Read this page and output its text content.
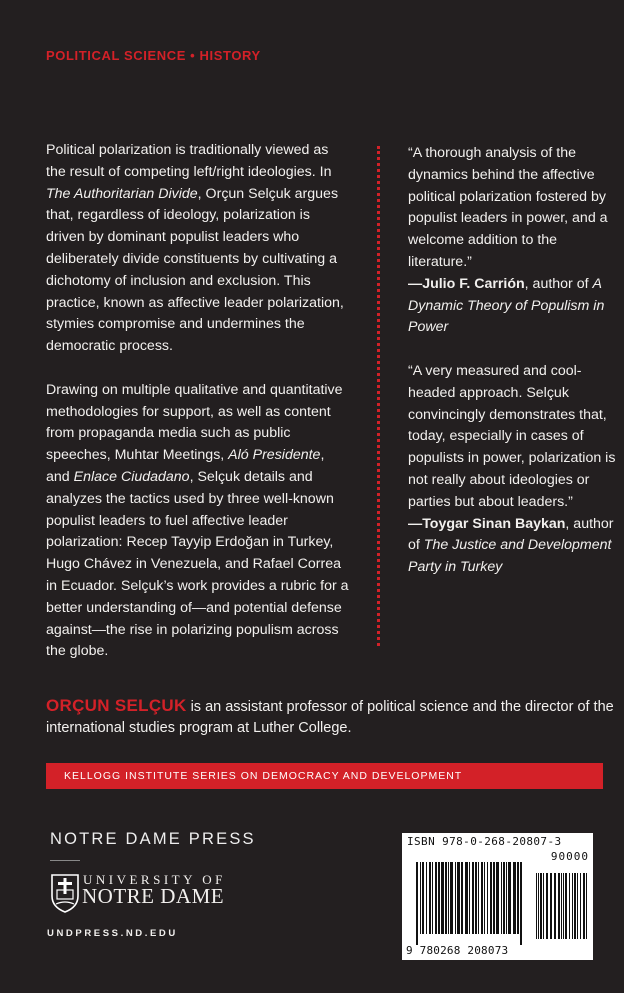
POLITICAL SCIENCE • HISTORY

Political polarization is traditionally viewed as the result of competing left/right ideologies. In The Authoritarian Divide, Orçun Selçuk argues that, regardless of ideology, polarization is driven by dominant populist leaders who deliberately divide constituents by cultivating a dichotomy of inclusion and exclusion. This practice, known as affective leader polarization, stymies compromise and undermines the democratic process.

Drawing on multiple qualitative and quantitative methodologies for support, as well as content from propaganda media such as public speeches, Muhtar Meetings, Aló Presidente, and Enlace Ciudadano, Selçuk details and analyzes the tactics used by three well-known populist leaders to fuel affective leader polarization: Recep Tayyip Erdoğan in Turkey, Hugo Chávez in Venezuela, and Rafael Correa in Ecuador. Selçuk’s work provides a rubric for a better understanding of—and potential defense against—the rise in polarizing populism across the globe.

“A thorough analysis of the dynamics behind the affective political polarization fostered by populist leaders in power, and a welcome addition to the literature.”

—Julio F. Carrión, author of A Dynamic Theory of Populism in Power

“A very measured and cool-headed approach. Selçuk convincingly demonstrates that, today, especially in cases of populists in power, polarization is not really about ideologies or parties but about leaders.”

—Toygar Sinan Baykan, author of The Justice and Development Party in Turkey

ORÇUN SELÇUK is an assistant professor of political science and the director of the international studies program at Luther College.
KELLOGG INSTITUTE SERIES ON DEMOCRACY AND DEVELOPMENT
NOTRE DAME PRESS
UNIVERSITY OF
NOTRE DAME
UNDPRESS.ND.EDU
ISBN 978-0-268-20807-3
90000
9 780268 208073
